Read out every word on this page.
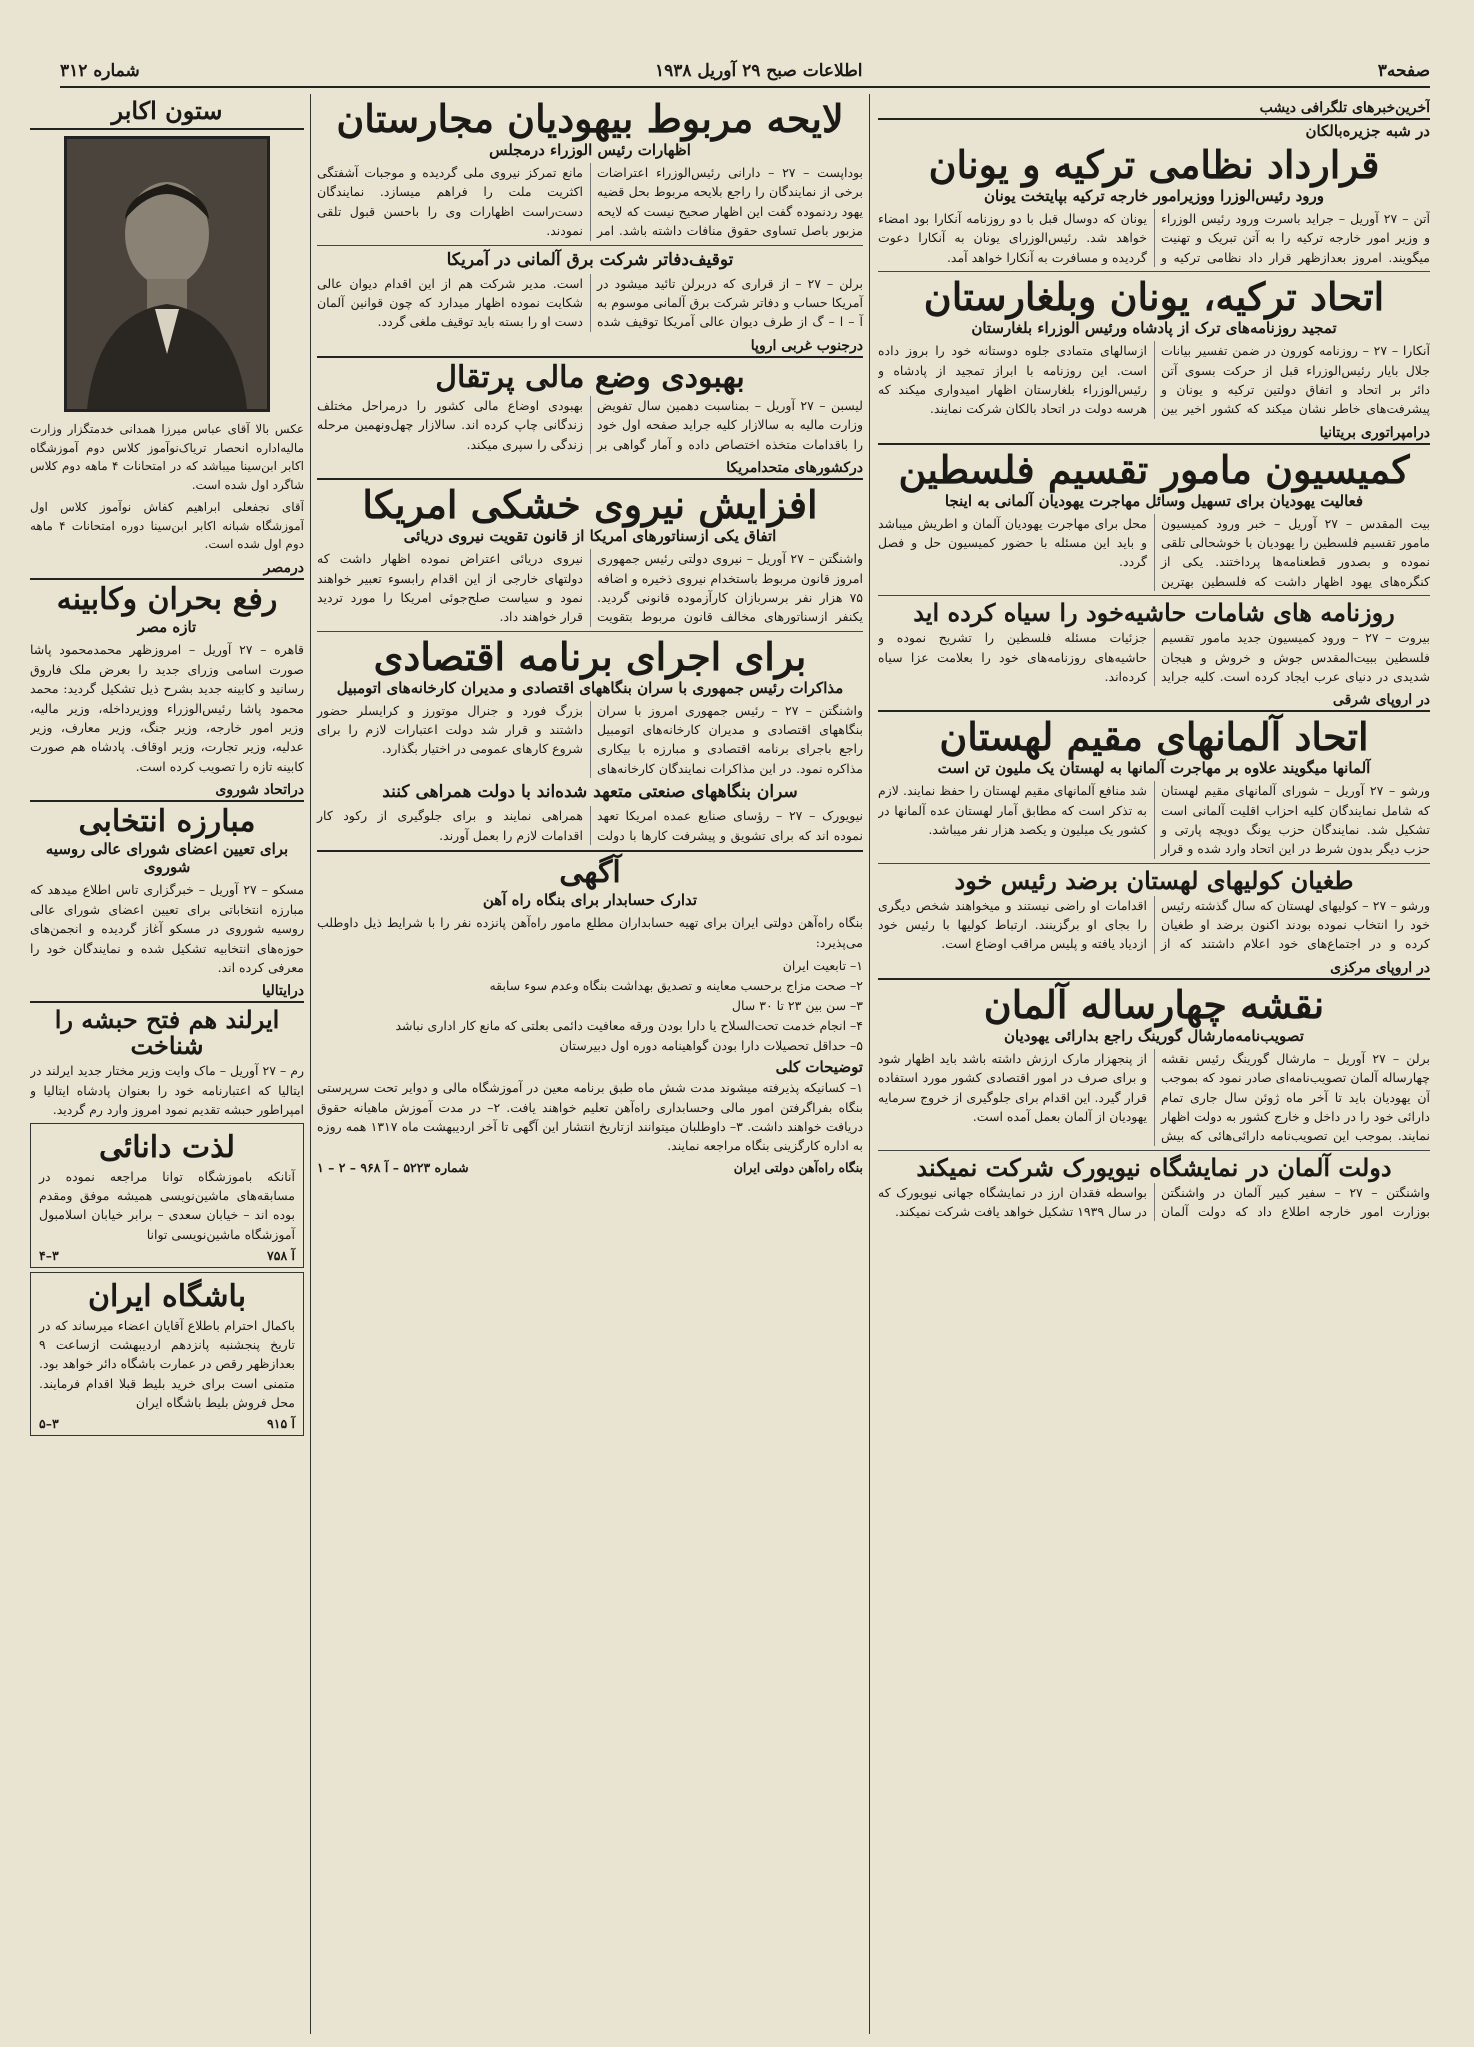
صفحه۳
اطلاعات صبح ۲۹ آوریل ۱۹۳۸
شماره ۳۱۲
آخرین‌خبرهای تلگرافی دیشب
در شبه جزیره‌بالکان
قرارداد نظامی ترکیه و یونان
ورود رئیس‌الوزرا ووزیرامور خارجه ترکیه بپایتخت یونان

آتن – ۲۷ آوریل – جراید باسرت ورود رئیس الوزراء و وزیر امور خارجه ترکیه را به آتن تبریک و تهنیت میگویند. امروز بعدازظهر قرار داد نظامی ترکیه و یونان که دوسال قبل با دو روزنامه آنکارا بود امضاء خواهد شد. رئیس‌الوزرای یونان به آنکارا دعوت گردیده و مسافرت به آنکارا خواهد آمد.

اتحاد ترکیه، یونان وبلغارستان
تمجید روزنامه‌های ترک از پادشاه ورئیس الوزراء بلغارستان

آنکارا – ۲۷ – روزنامه کورون در ضمن تفسیر بیانات جلال بایار رئیس‌الوزراء قبل از حرکت بسوی آتن دائر بر اتحاد و اتفاق دولتین ترکیه و یونان و پیشرفت‌های خاطر نشان میکند که کشور اخیر بین ازسالهای متمادی جلوه دوستانه خود را بروز داده است. این روزنامه با ابراز تمجید از پادشاه و رئیس‌الوزراء بلغارستان اظهار امیدواری میکند که هرسه دولت در اتحاد بالکان شرکت نمایند.

درامپراتوری بریتانیا
کمیسیون مامور تقسیم فلسطین
فعالیت یهودیان برای تسهیل وسائل مهاجرت یهودیان آلمانی به اینجا

بیت المقدس – ۲۷ آوریل – خبر ورود کمیسیون مامور تقسیم فلسطین را یهودیان با خوشحالی تلقی نموده و بصدور قطعنامه‌ها پرداختند. یکی از کنگره‌های یهود اظهار داشت که فلسطین بهترین محل برای مهاجرت یهودیان آلمان و اطریش میباشد و باید این مسئله با حضور کمیسیون حل و فصل گردد.

روزنامه های شامات حاشیه‌خود را سیاه کرده اید

بیروت – ۲۷ – ورود کمیسیون جدید مامور تقسیم فلسطین ببیت‌المقدس جوش و خروش و هیجان شدیدی در دنیای عرب ایجاد کرده است. کلیه جراید جزئیات مسئله فلسطین را تشریح نموده و حاشیه‌های روزنامه‌های خود را بعلامت عزا سیاه کرده‌اند.

در اروپای شرقی
اتحاد آلمانهای مقیم لهستان
آلمانها میگویند علاوه بر مهاجرت آلمانها به لهستان یک ملیون تن است

ورشو – ۲۷ آوریل – شورای آلمانهای مقیم لهستان که شامل نمایندگان کلیه احزاب اقلیت آلمانی است تشکیل شد. نمایندگان حزب یونگ دویچه پارتی و حزب دیگر بدون شرط در این اتحاد وارد شده و قرار شد منافع آلمانهای مقیم لهستان را حفظ نمایند. لازم به تذکر است که مطابق آمار لهستان عده آلمانها در کشور یک میلیون و یکصد هزار نفر میباشد.

طغیان کولیهای لهستان برضد رئیس خود

ورشو – ۲۷ – کولیهای لهستان که سال گذشته رئیس خود را انتخاب نموده بودند اکنون برضد او طغیان کرده و در اجتماع‌های خود اعلام داشتند که از اقدامات او راضی نیستند و میخواهند شخص دیگری را بجای او برگزینند. ارتباط کولیها با رئیس خود ازدیاد یافته و پلیس مراقب اوضاع است.

در اروپای مرکزی
نقشه چهارساله آلمان
تصویب‌نامه‌مارشال گورینگ راجع بدارائی یهودیان

برلن – ۲۷ آوریل – مارشال گورینگ رئیس نقشه چهارساله آلمان تصویب‌نامه‌ای صادر نمود که بموجب آن یهودیان باید تا آخر ماه ژوئن سال جاری تمام دارائی خود را در داخل و خارج کشور به دولت اظهار نمایند. بموجب این تصویب‌نامه دارائی‌هائی که بیش از پنجهزار مارک ارزش داشته باشد باید اظهار شود و برای صرف در امور اقتصادی کشور مورد استفاده قرار گیرد. این اقدام برای جلوگیری از خروج سرمایه یهودیان از آلمان بعمل آمده است.

دولت آلمان در نمایشگاه نیویورک شرکت نمیکند

واشنگتن – ۲۷ – سفیر کبیر آلمان در واشنگتن بوزارت امور خارجه اطلاع داد که دولت آلمان بواسطه فقدان ارز در نمایشگاه جهانی نیویورک که در سال ۱۹۳۹ تشکیل خواهد یافت شرکت نمیکند.

لایحه مربوط بیهودیان مجارستان
اظهارات رئیس الوزراء درمجلس

بوداپست – ۲۷ – دارانی رئیس‌الوزراء اعتراضات برخی از نمایندگان را راجع بلایحه مربوط بحل قضیه یهود ردنموده گفت این اظهار صحیح نیست که لایحه مزبور باصل تساوی حقوق منافات داشته باشد. امر مانع تمرکز نیروی ملی گردیده و موجبات آشفتگی اکثریت ملت را فراهم میسازد. نمایندگان دست‌راست اظهارات وی را باحسن قبول تلقی نمودند.

توقیف‌دفاتر شرکت برق آلمانی در آمریکا

برلن – ۲۷ – از قراری که دربرلن تائید میشود در آمریکا حساب و دفاتر شرکت برق آلمانی موسوم به آ – ا – گ از طرف دیوان عالی آمریکا توقیف شده است. مدیر شرکت هم از این اقدام دیوان عالی شکایت نموده اظهار میدارد که چون قوانین آلمان دست او را بسته باید توقیف ملغی گردد.

درجنوب غربی اروپا
بهبودی وضع مالی پرتقال

لیسبن – ۲۷ آوریل – بمناسبت دهمین سال تفویض وزارت مالیه به سالازار کلیه جراید صفحه اول خود را باقدامات متخذه اختصاص داده و آمار گواهی بر بهبودی اوضاع مالی کشور را درمراحل مختلف زندگانی چاپ کرده اند. سالازار چهل‌ونهمین مرحله زندگی را سپری میکند.

درکشورهای متحدامریکا
افزایش نیروی خشکی امریکا
اتفاق یکی ازسناتورهای امریکا از قانون تقویت نیروی دریائی

واشنگتن – ۲۷ آوریل – نیروی دولتی رئیس جمهوری امروز قانون مربوط باستخدام نیروی ذخیره و اضافه ۷۵ هزار نفر برسربازان کارآزموده قانونی گردید. یکنفر ازسناتورهای مخالف قانون مربوط بتقویت نیروی دریائی اعتراض نموده اظهار داشت که دولتهای خارجی از این اقدام رابسوء تعبیر خواهند نمود و سیاست صلح‌جوئی امریکا را مورد تردید قرار خواهند داد.

برای اجرای برنامه اقتصادی
مذاکرات رئیس جمهوری با سران بنگاههای اقتصادی و مدیران کارخانه‌های اتومبیل

واشنگتن – ۲۷ – رئیس جمهوری امروز با سران بنگاههای اقتصادی و مدیران کارخانه‌های اتومبیل راجع باجرای برنامه اقتصادی و مبارزه با بیکاری مذاکره نمود. در این مذاکرات نمایندگان کارخانه‌های بزرگ فورد و جنرال موتورز و کرایسلر حضور داشتند و قرار شد دولت اعتبارات لازم را برای شروع کارهای عمومی در اختیار بگذارد.

سران بنگاههای صنعتی متعهد شده‌اند با دولت همراهی کنند

نیویورک – ۲۷ – رؤسای صنایع عمده امریکا تعهد نموده اند که برای تشویق و پیشرفت کارها با دولت همراهی نمایند و برای جلوگیری از رکود کار اقدامات لازم را بعمل آورند.

آگهی
تدارک حسابدار برای بنگاه راه آهن

بنگاه راه‌آهن دولتی ایران برای تهیه حسابداران مطلع مامور راه‌آهن پانزده نفر را با شرایط ذیل داوطلب می‌پذیرد:

۱– تابعیت ایران
۲– صحت مزاج برحسب معاینه و تصدیق بهداشت بنگاه وعدم سوء سابقه
۳– سن بین ۲۳ تا ۳۰ سال
۴– انجام خدمت تحت‌السلاح یا دارا بودن ورقه معافیت دائمی بعلتی که مانع کار اداری نباشد
۵– حداقل تحصیلات دارا بودن گواهینامه دوره اول دبیرستان
توضیحات کلی

۱– کسانیکه پذیرفته میشوند مدت شش ماه طبق برنامه معین در آموزشگاه مالی و دوایر تحت سرپرستی بنگاه بفراگرفتن امور مالی وحسابداری راه‌آهن تعلیم خواهند یافت. ۲– در مدت آموزش ماهیانه حقوق دریافت خواهند داشت. ۳– داوطلبان میتوانند ازتاریخ انتشار این آگهی تا آخر اردیبهشت ماه ۱۳۱۷ همه روزه به اداره کارگزینی بنگاه مراجعه نمایند.

بنگاه راه‌آهن دولتی ایران
شماره ۵۲۲۳ – آ ۹۶۸ – ۲ – ۱
ستون اکابر

عکس بالا آقای عباس میرزا همدانی خدمتگزار وزارت مالیه‌اداره انحصار تریاک‌نوآموز کلاس دوم آموزشگاه اکابر ابن‌سینا میباشد که در امتحانات ۴ ماهه دوم کلاس شاگرد اول شده است.

آقای نجفعلی ابراهیم کفاش نوآموز کلاس اول آموزشگاه شبانه اکابر ابن‌سینا دوره امتحانات ۴ ماهه دوم اول شده است.

درمصر
رفع بحران وکابینه
تازه مصر

قاهره – ۲۷ آوریل – امروزظهر محمدمحمود پاشا صورت اسامی وزرای جدید را بعرض ملک فاروق رسانید و کابینه جدید بشرح ذیل تشکیل گردید: محمد محمود پاشا رئیس‌الوزراء ووزیرداخله، وزیر مالیه، وزیر امور خارجه، وزیر جنگ، وزیر معارف، وزیر عدلیه، وزیر تجارت، وزیر اوقاف. پادشاه هم صورت کابینه تازه را تصویب کرده است.

دراتحاد شوروی
مبارزه انتخابی
برای تعیین اعضای شورای عالی روسیه شوروی

مسکو – ۲۷ آوریل – خبرگزاری تاس اطلاع میدهد که مبارزه انتخاباتی برای تعیین اعضای شورای عالی روسیه شوروی در مسکو آغاز گردیده و انجمن‌های حوزه‌های انتخابیه تشکیل شده و نمایندگان خود را معرفی کرده اند.

درایتالیا
ایرلند هم فتح حبشه را شناخت

رم – ۲۷ آوریل – ماک وایت وزیر مختار جدید ایرلند در ایتالیا که اعتبارنامه خود را بعنوان پادشاه ایتالیا و امپراطور حبشه تقدیم نمود امروز وارد رم گردید.

لذت دانائی

آنانکه باموزشگاه توانا مراجعه نموده در مسابقه‌های ماشین‌نویسی همیشه موفق ومقدم بوده اند – خیابان سعدی – برابر خیابان اسلامبول آموزشگاه ماشین‌نویسی توانا

آ ۷۵۸
۳–۴
باشگاه ایران

باکمال احترام باطلاع آقایان اعضاء میرساند که در تاریخ پنجشنبه پانزدهم اردیبهشت ازساعت ۹ بعدازظهر رقص در عمارت باشگاه دائر خواهد بود. متمنی است برای خرید بلیط قبلا اقدام فرمایند. محل فروش بلیط باشگاه ایران

آ ۹۱۵
۳–۵
